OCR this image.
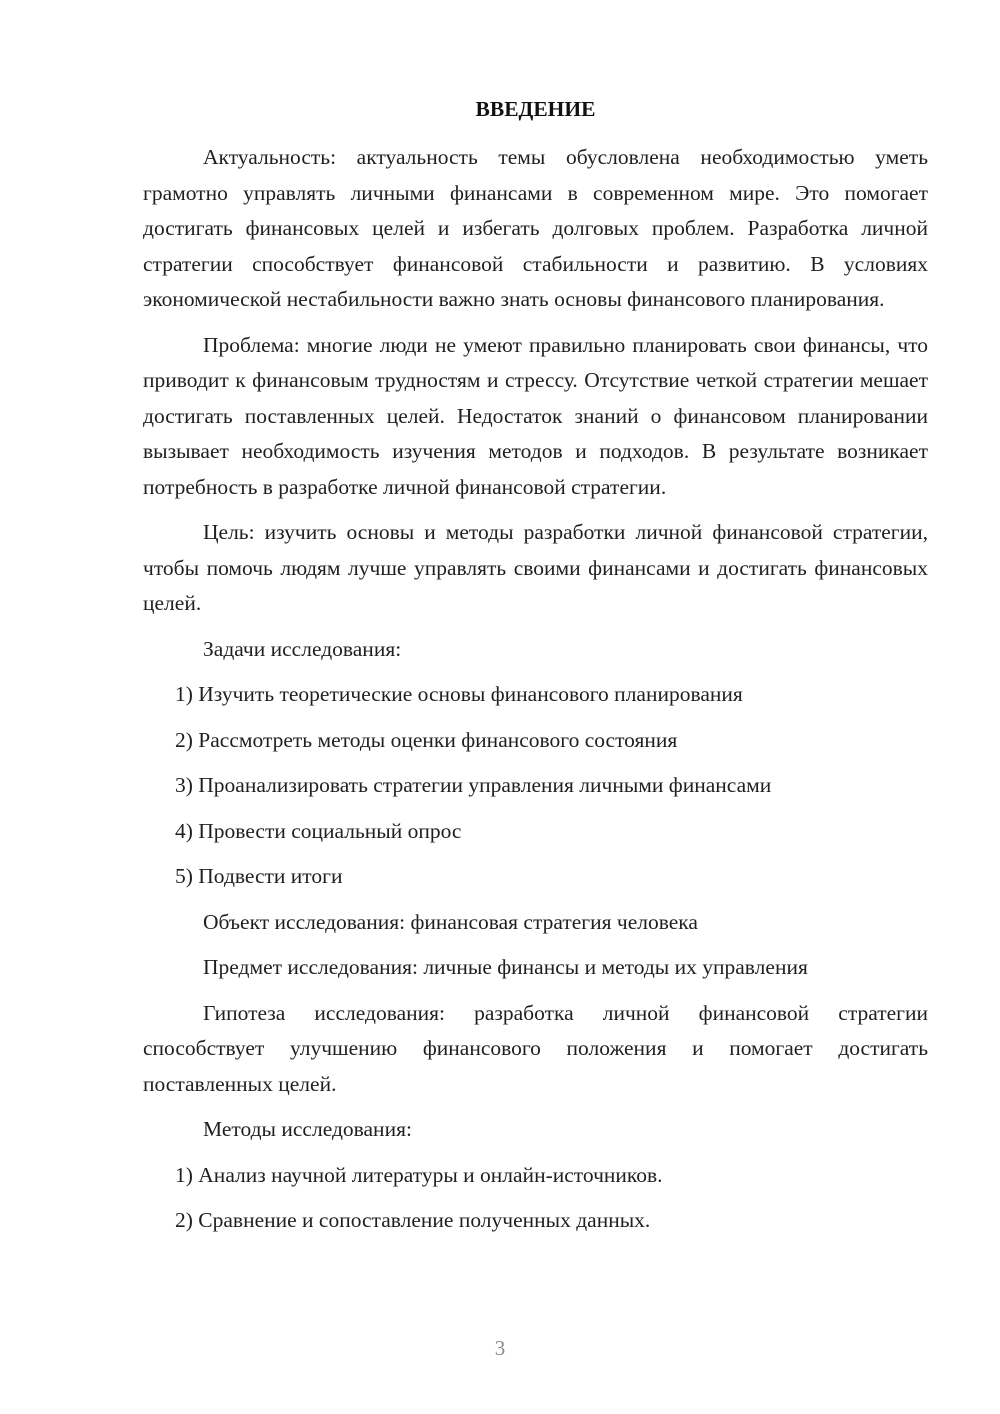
ВВЕДЕНИЕ
Актуальность: актуальность темы обусловлена необходимостью уметь грамотно управлять личными финансами в современном мире. Это помогает достигать финансовых целей и избегать долговых проблем. Разработка личной стратегии способствует финансовой стабильности и развитию. В условиях экономической нестабильности важно знать основы финансового планирования.
Проблема: многие люди не умеют правильно планировать свои финансы, что приводит к финансовым трудностям и стрессу. Отсутствие четкой стратегии мешает достигать поставленных целей. Недостаток знаний о финансовом планировании вызывает необходимость изучения методов и подходов. В результате возникает потребность в разработке личной финансовой стратегии.
Цель: изучить основы и методы разработки личной финансовой стратегии, чтобы помочь людям лучше управлять своими финансами и достигать финансовых целей.
Задачи исследования:
1) Изучить теоретические основы финансового планирования
2) Рассмотреть методы оценки финансового состояния
3) Проанализировать стратегии управления личными финансами
4) Провести социальный опрос
5) Подвести итоги
Объект исследования: финансовая стратегия человека
Предмет исследования: личные финансы и методы их управления
Гипотеза исследования: разработка личной финансовой стратегии способствует улучшению финансового положения и помогает достигать поставленных целей.
Методы исследования:
1) Анализ научной литературы и онлайн-источников.
2) Сравнение и сопоставление полученных данных.
3
